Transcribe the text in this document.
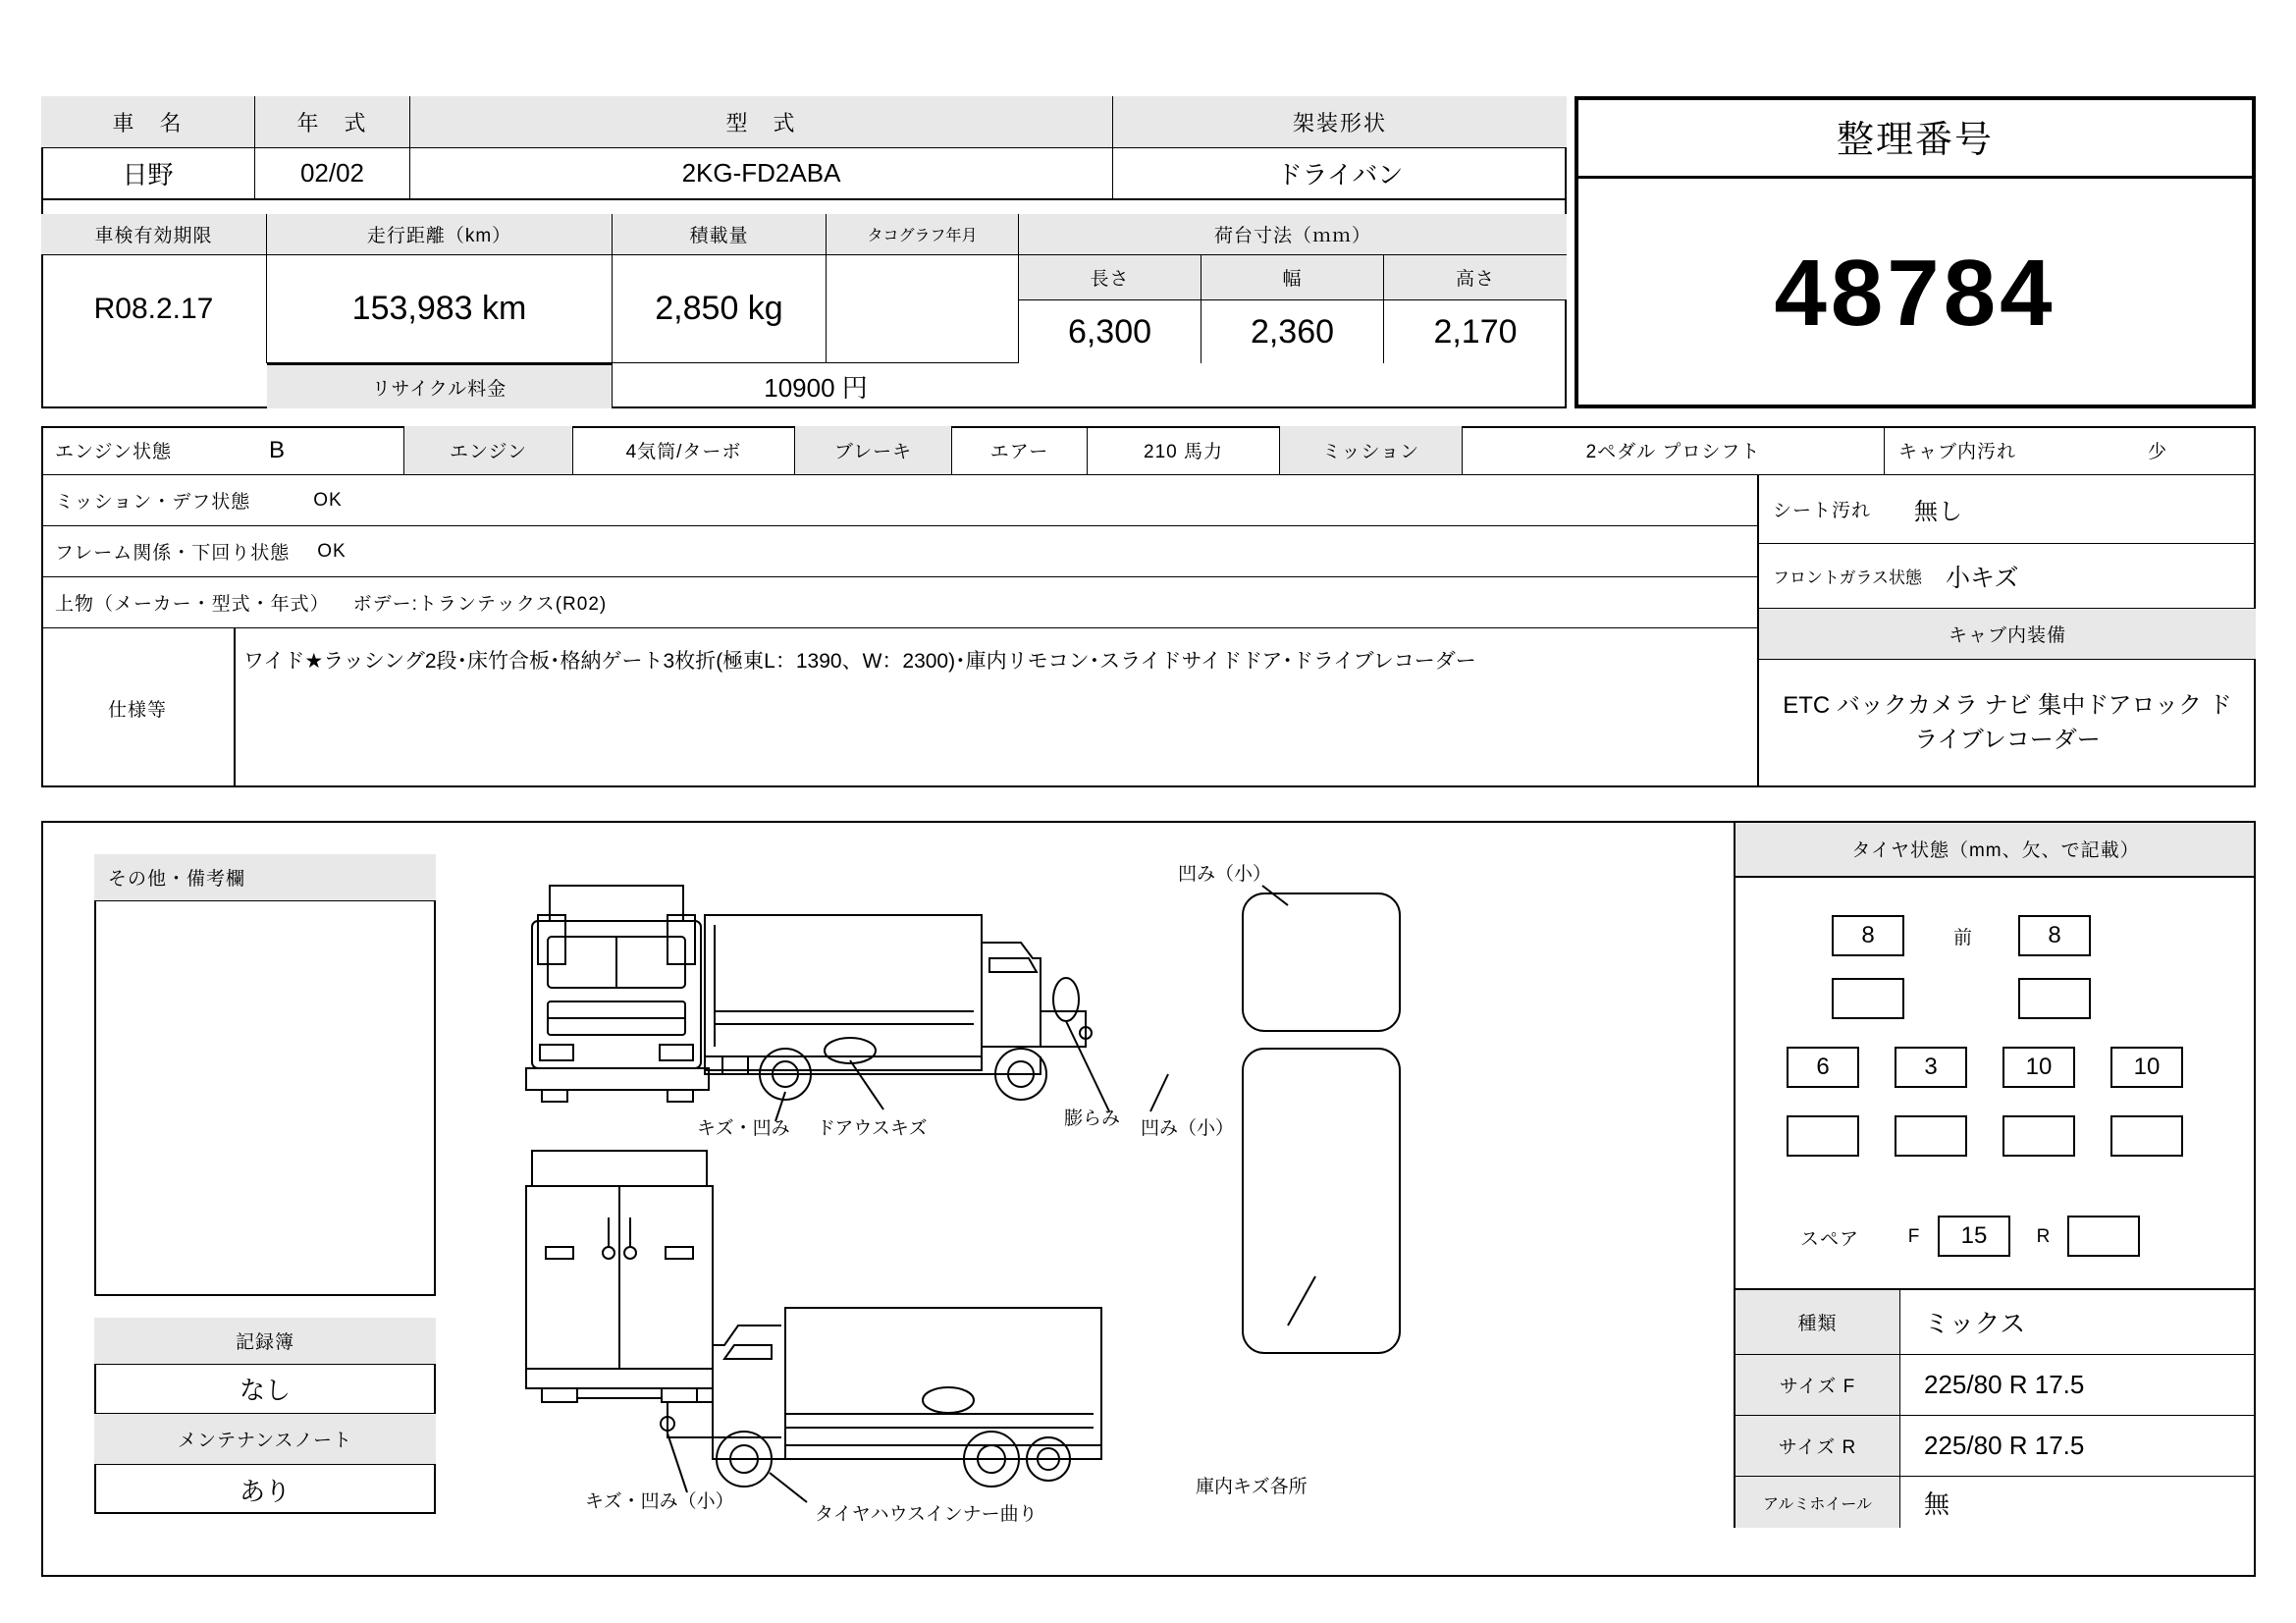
車　名	年　式	型　式	架装形状
日野	02/02	2KG-FD2ABA	ドライバン
車検有効期限	走行距離（km）	積載量	タコグラフ年月	荷台寸法（ｍｍ）
長さ	幅	高さ
R08.2.17	153,983 km	2,850 kg
6,300	2,360	2,170
リサイクル料金	10900 円
整理番号
48784
エンジン状態	B	エンジン	4気筒/ターボ	ブレーキ	エアー	210 馬力	ミッション	2ペダル プロシフト	キャブ内汚れ	少
ミッション・デフ状態	OK
フレーム関係・下回り状態 OK
上物（メーカー・型式・年式） ボデー:トランテックス(R02)
仕様等
ワイド★ラッシング2段･床竹合板･格納ゲート3枚折(極東L：1390、W：2300)･庫内リモコン･スライドサイドドア･ドライブレコーダー
シート汚れ 無し
フロントガラス状態 小キズ
キャブ内装備
ETC バックカメラ ナビ 集中ドアロック ドライブレコーダー
その他・備考欄
記録簿
なし
メンテナンスノート
あり
凹み（小）
キズ・凹み ドアウスキズ	膨らみ 凹み（小）
キズ・凹み（小）
タイヤハウスインナー曲り
庫内キズ各所
タイヤ状態（mm、欠、で記載）
8	前	8
6	3	10	10
スペア	F	15	R
種類	ミックス
サイズ F	225/80 R 17.5
サイズ R	225/80 R 17.5
アルミホイール	無
